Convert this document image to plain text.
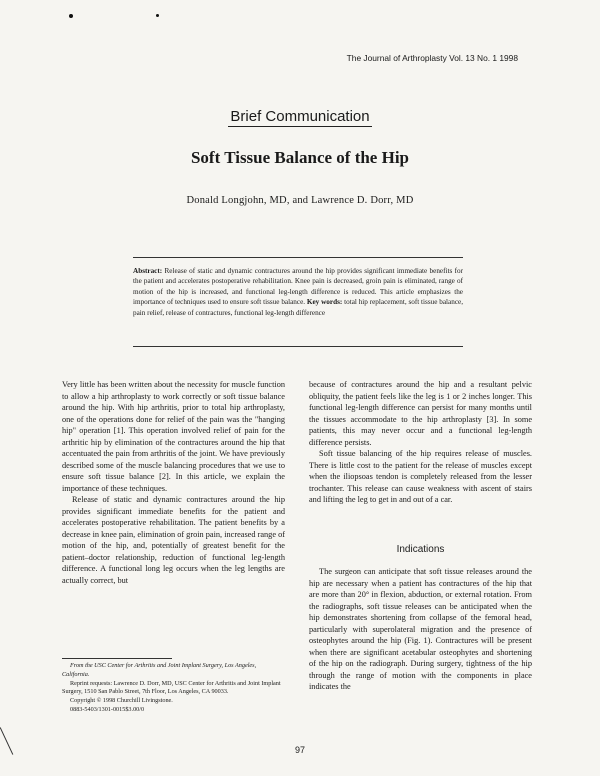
The Journal of Arthroplasty Vol. 13 No. 1 1998
Brief Communication
Soft Tissue Balance of the Hip
Donald Longjohn, MD, and Lawrence D. Dorr, MD
Abstract: Release of static and dynamic contractures around the hip provides significant immediate benefits for the patient and accelerates postoperative rehabilitation. Knee pain is decreased, groin pain is eliminated, range of motion of the hip is increased, and functional leg-length difference is reduced. This article emphasizes the importance of techniques used to ensure soft tissue balance. Key words: total hip replacement, soft tissue balance, pain relief, release of contractures, functional leg-length difference

Very little has been written about the necessity for muscle function to allow a hip arthroplasty to work correctly or soft tissue balance around the hip. With hip arthritis, prior to total hip arthroplasty, one of the operations done for relief of the pain was the "hanging hip" operation [1]. This operation involved relief of pain for the arthritic hip by elimination of the contractures around the hip that accentuated the pain from arthritis of the joint. We have previously described some of the muscle balancing procedures that we use to ensure soft tissue balance [2]. In this article, we explain the importance of these techniques.

Release of static and dynamic contractures around the hip provides significant immediate benefits for the patient and accelerates postoperative rehabilitation. The patient benefits by a decrease in knee pain, elimination of groin pain, increased range of motion of the hip, and, potentially of greatest benefit for the patient–doctor relationship, reduction of functional leg-length difference. A functional long leg occurs when the leg lengths are actually correct, but

From the USC Center for Arthritis and Joint Implant Surgery, Los Angeles, California.

Reprint requests: Lawrence D. Dorr, MD, USC Center for Arthritis and Joint Implant Surgery, 1510 San Pablo Street, 7th Floor, Los Angeles, CA 90033.

Copyright © 1998 Churchill Livingstone.

0883-5403/1301-0015$3.00/0

because of contractures around the hip and a resultant pelvic obliquity, the patient feels like the leg is 1 or 2 inches longer. This functional leg-length difference can persist for many months until the tissues accommodate to the hip arthroplasty [3]. In some patients, this may never occur and a functional leg-length difference persists.

Soft tissue balancing of the hip requires release of muscles. There is little cost to the patient for the release of muscles except when the iliopsoas tendon is completely released from the lesser trochanter. This release can cause weakness with ascent of stairs and lifting the leg to get in and out of a car.

Indications

The surgeon can anticipate that soft tissue releases around the hip are necessary when a patient has contractures of the hip that are more than 20° in flexion, abduction, or external rotation. From the radiographs, soft tissue releases can be anticipated when the hip demonstrates shortening from collapse of the femoral head, particularly with superolateral migration and the presence of osteophytes around the hip (Fig. 1). Contractures will be present when there are significant acetabular osteophytes and shortening of the hip on the radiograph. During surgery, tightness of the hip through the range of motion with the components in place indicates the

97
